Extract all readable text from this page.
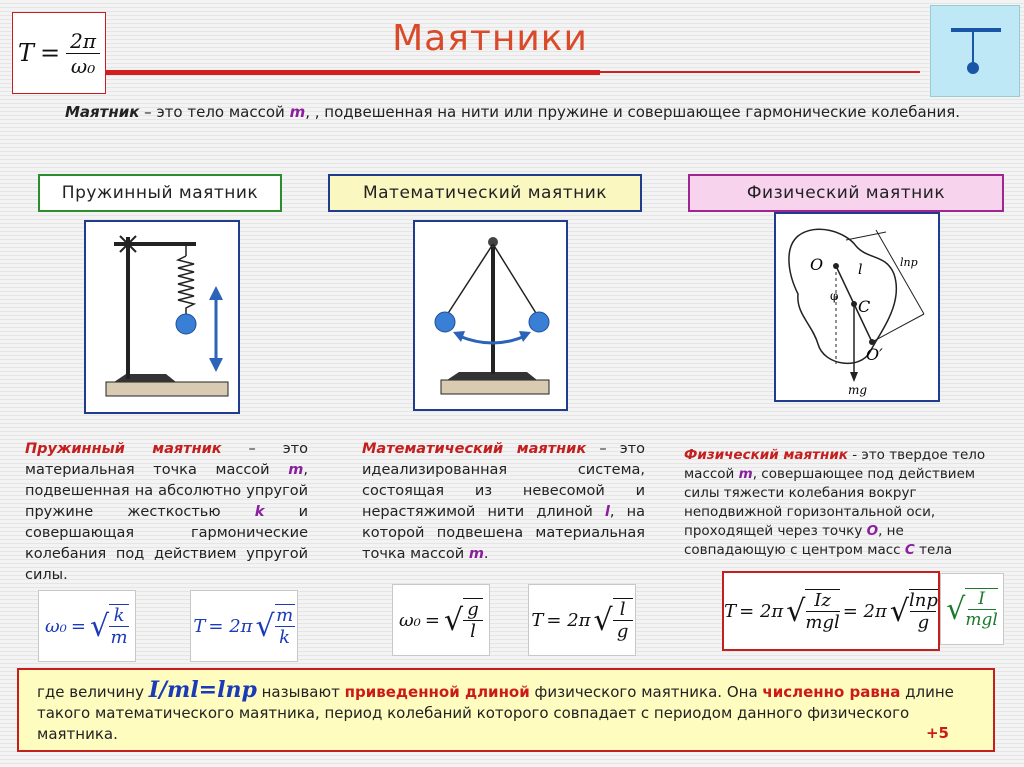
T = 2π
ω₀
Маятники
Маятник – это тело массой m, , подвешенная на нити или пружине и совершающее гармонические колебания.
Пружинный маятник	Математический маятник	Физический маятник
O l	lпр
φ
C
O′
mg
Пружинный маятник – это материальная точка массой m, подвешенная на абсолютно упругой пружине жесткостью k и совершающая гармонические колебания под действием упругой силы.
Математический маятник – это идеализированная система, состоящая из невесомой и нерастяжимой нити длиной l, на которой подвешена материальная точка массой m.
Физический маятник - это твердое тело массой m, совершающее под действием силы тяжести колебания вокруг неподвижной горизонтальной оси, проходящей через точку О, не совпадающую с центром масс С тела
ω₀ = √ k
m
T = 2π √ m
k
ω₀ = √ g
l
T = 2π √ l
g
T = 2π √ Iz
mgl
= 2π √ lпр
g √ I
mgl
где величину I/ml=lпр называют приведенной длиной физического маятника. Она численно равна длине такого математического маятника, период колебаний которого совпадает с периодом данного физического маятника.	+5
